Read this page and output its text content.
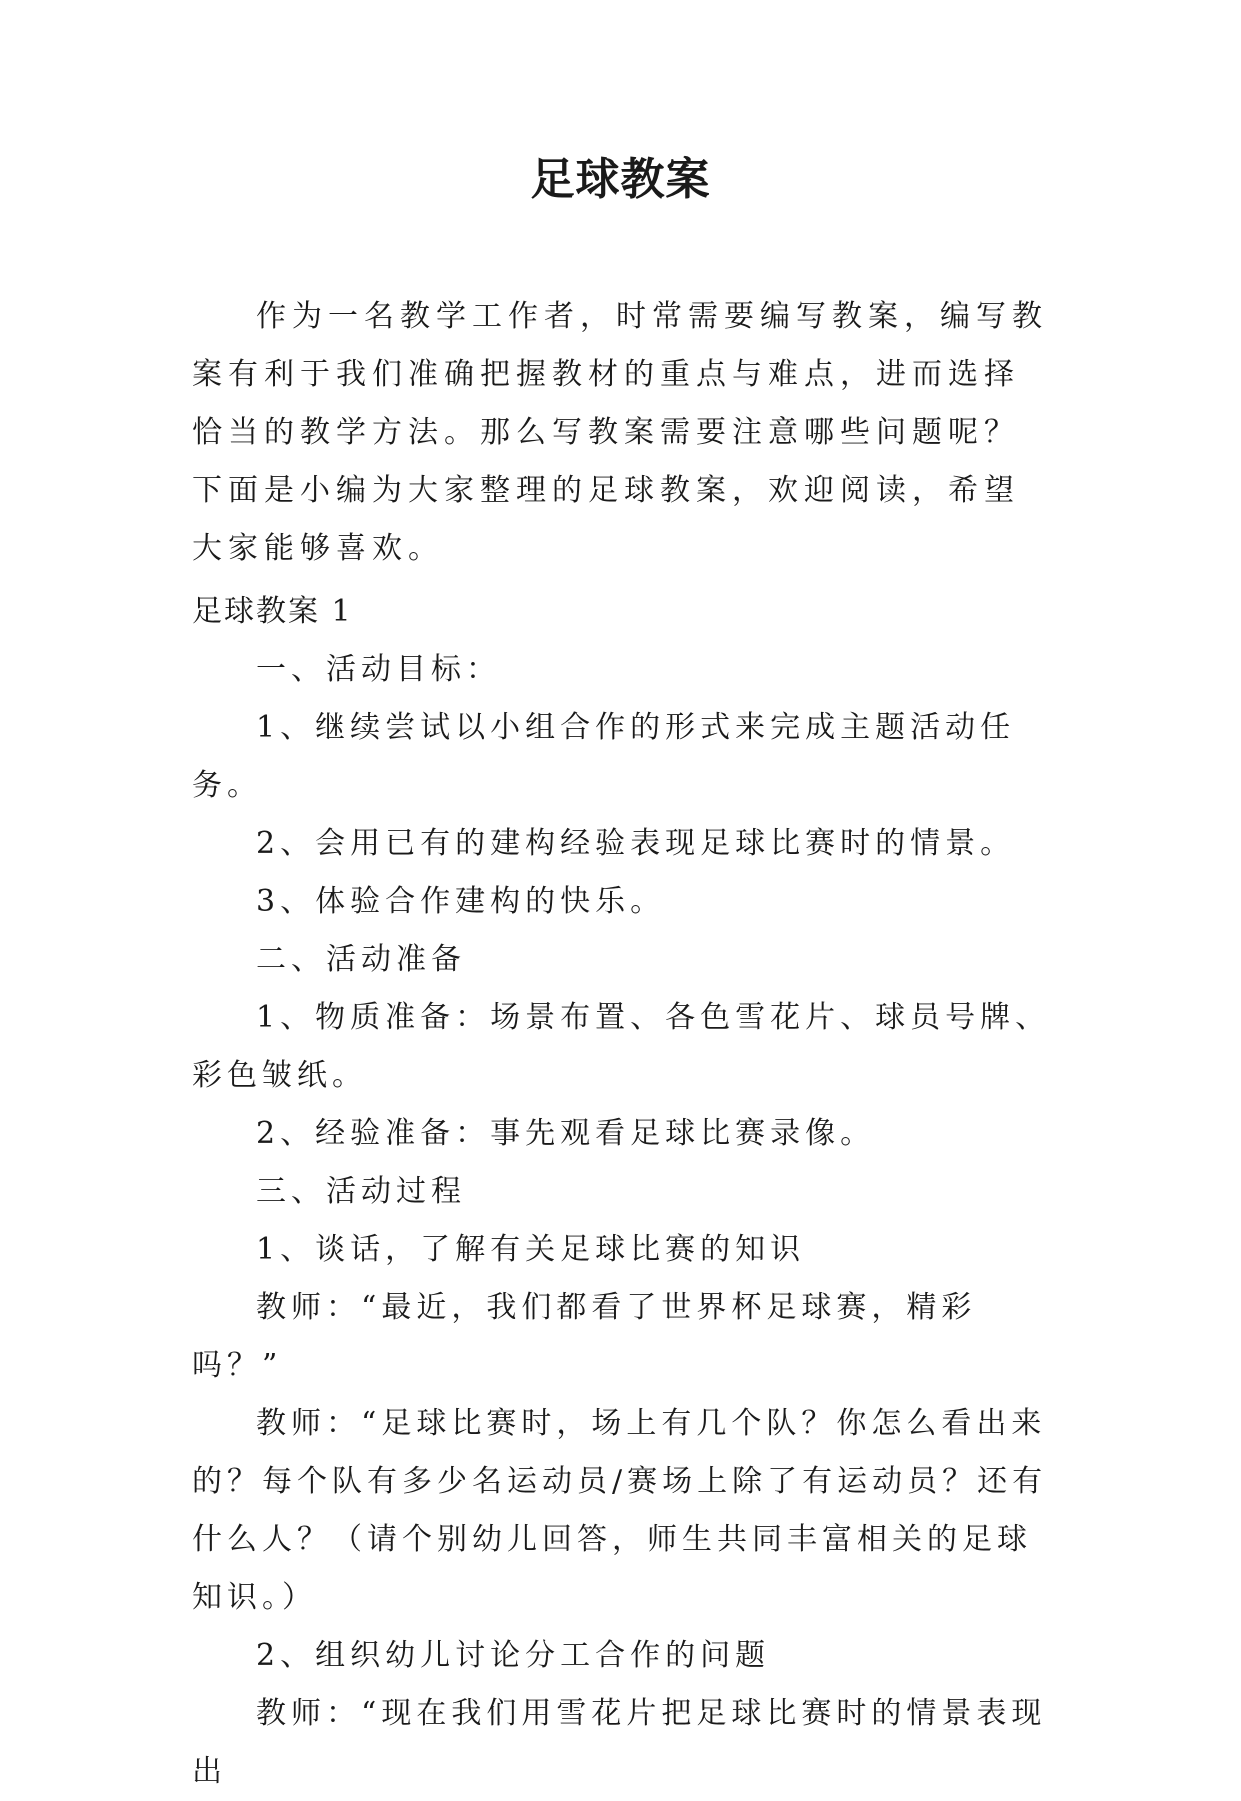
足球教案

作为一名教学工作者，时常需要编写教案，编写教案有利于我们准确把握教材的重点与难点，进而选择恰当的教学方法。那么写教案需要注意哪些问题呢？下面是小编为大家整理的足球教案，欢迎阅读，希望大家能够喜欢。

足球教案 1

一、活动目标：

1、继续尝试以小组合作的形式来完成主题活动任务。

2、会用已有的建构经验表现足球比赛时的情景。

3、体验合作建构的快乐。

二、活动准备

1、物质准备：场景布置、各色雪花片、球员号牌、彩色皱纸。

2、经验准备：事先观看足球比赛录像。

三、活动过程

1、谈话，了解有关足球比赛的知识

教师：“最近，我们都看了世界杯足球赛，精彩吗？”

教师：“足球比赛时，场上有几个队？你怎么看出来的？每个队有多少名运动员/赛场上除了有运动员？还有什么人？（请个别幼儿回答，师生共同丰富相关的足球知识。）

2、组织幼儿讨论分工合作的问题

教师：“现在我们用雪花片把足球比赛时的情景表现出
